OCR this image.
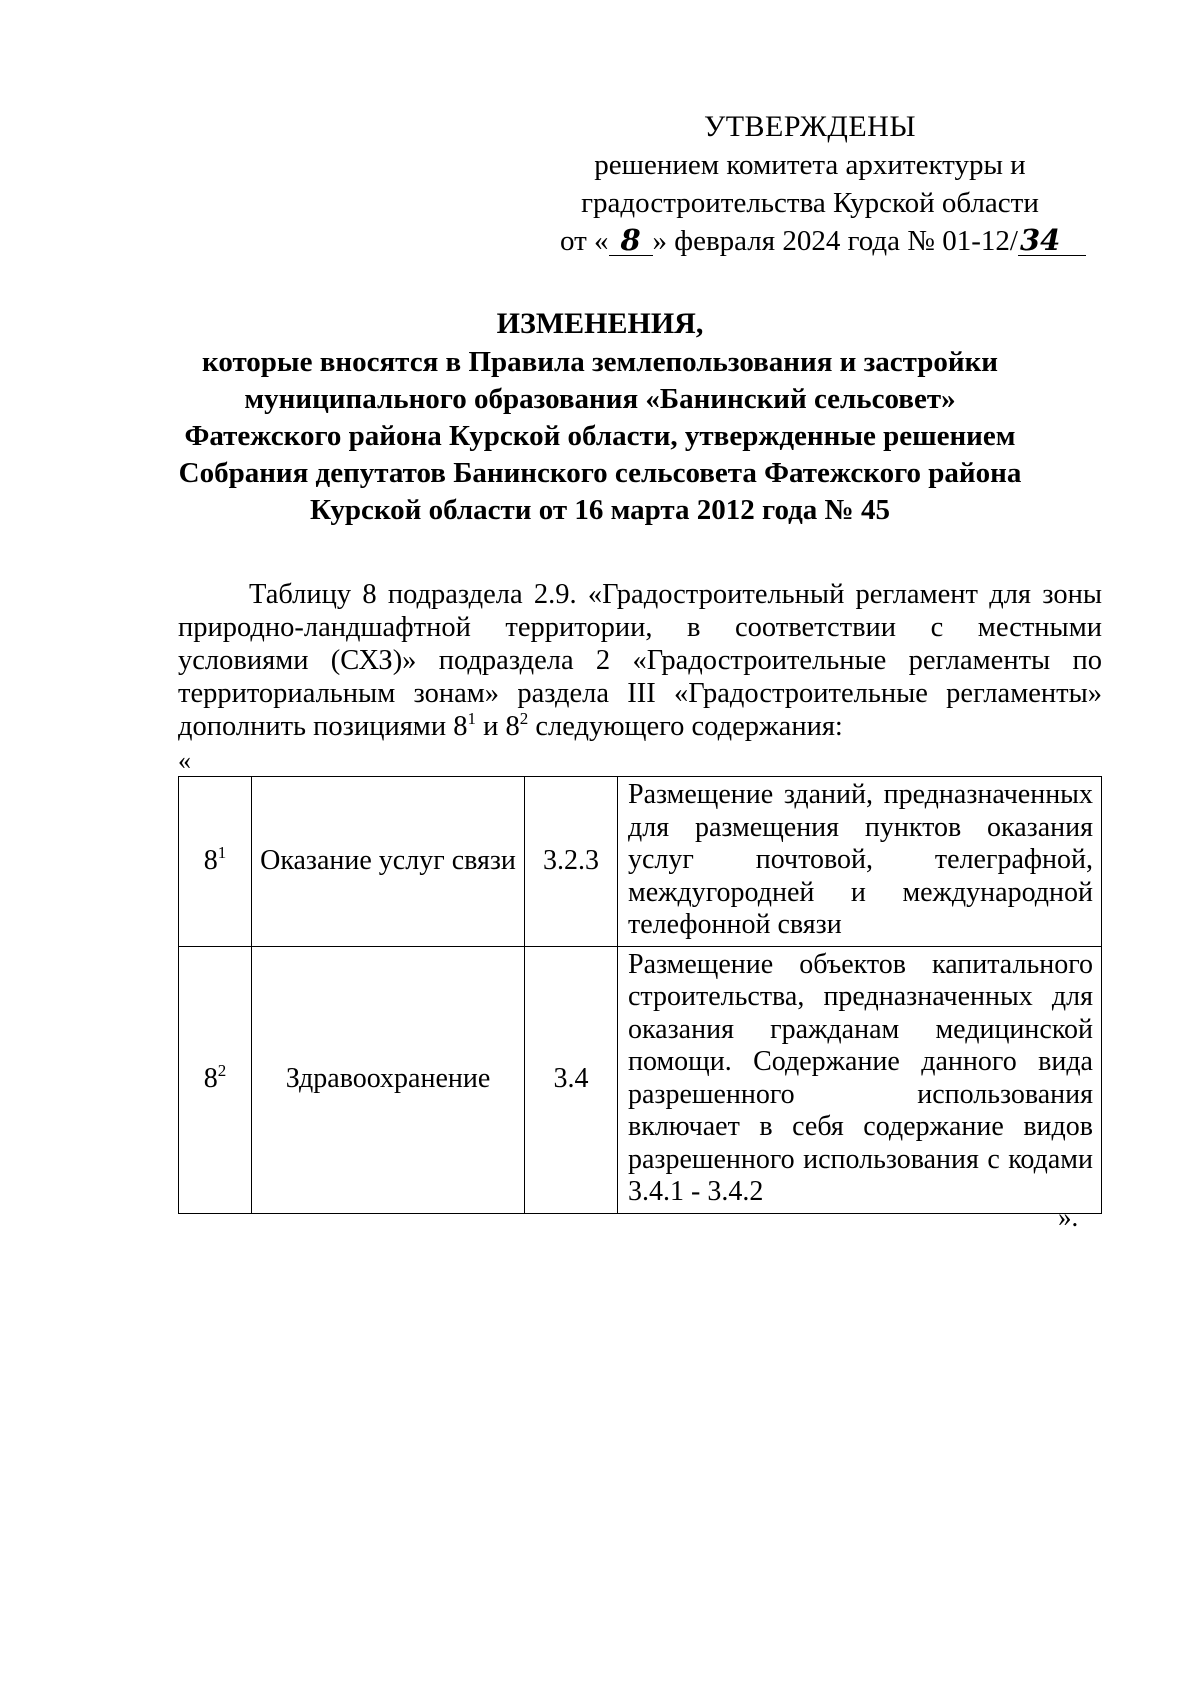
УТВЕРЖДЕНЫ
решением комитета архитектуры и
градостроительства Курской области
от « 8 » февраля 2024 года № 01-12/34
ИЗМЕНЕНИЯ,
которые вносятся в Правила землепользования и застройки
муниципального образования «Банинский сельсовет»
Фатежского района Курской области, утвержденные решением
Собрания депутатов Банинского сельсовета Фатежского района
Курской области от 16 марта 2012 года № 45

Таблицу 8 подраздела 2.9. «Градостроительный регламент для зоны природно-ландшафтной территории, в соответствии с местными условиями (СХЗ)» подраздела 2 «Градостроительные регламенты по территориальным зонам» раздела III «Градостроительные регламенты» дополнить позициями $8^1$ и $8^2$ следующего содержания:

«
$8^1$	Оказание услуг связи	3.2.3	Размещение зданий, предназначенных для размещения пунктов оказания услуг почтовой, телеграфной, междугородней и международной телефонной связи
$8^2$	Здравоохранение	3.4	Размещение объектов капитального строительства, предназначенных для оказания гражданам медицинской помощи. Содержание данного вида разрешенного использования включает в себя содержание видов разрешенного использования с кодами 3.4.1 - 3.4.2
».
